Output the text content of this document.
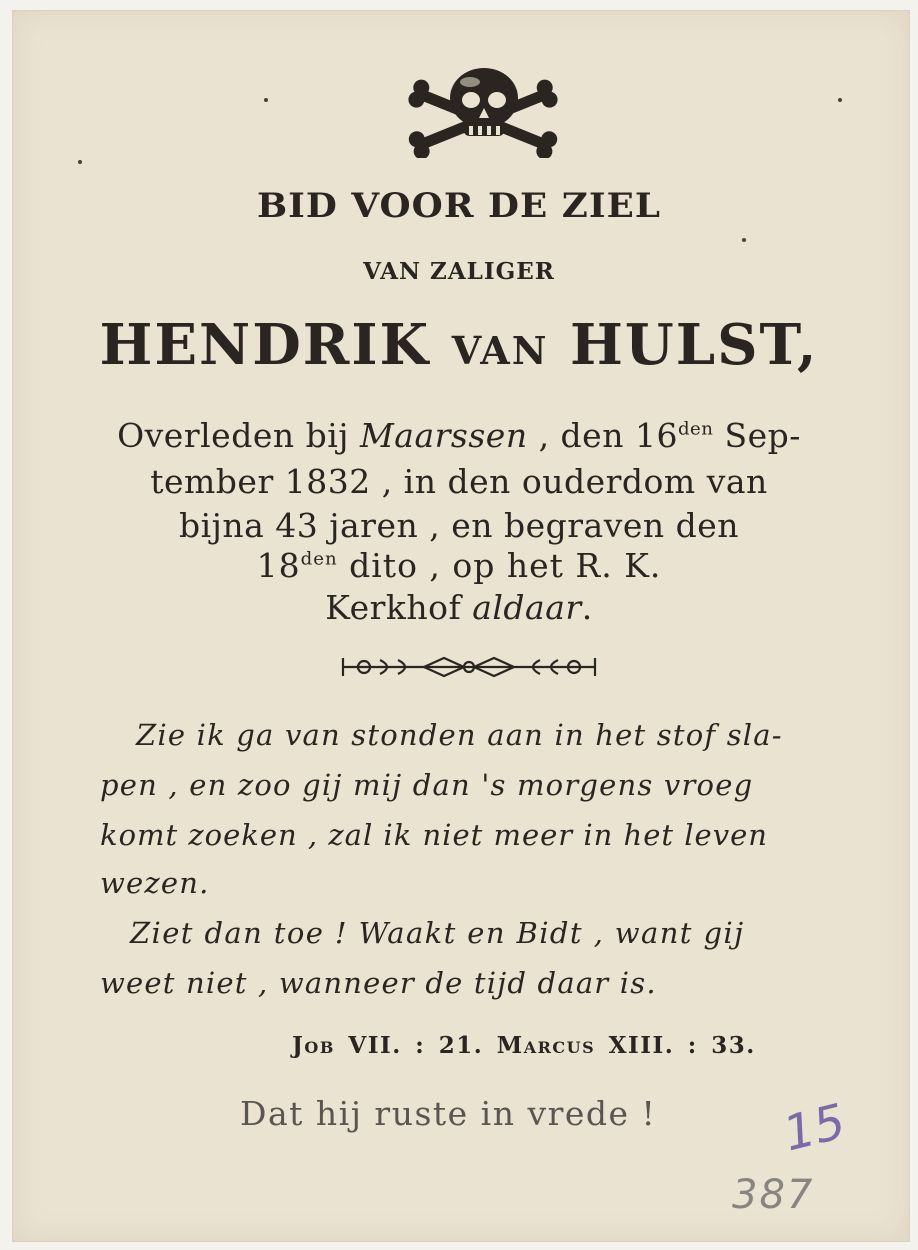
BID VOOR DE ZIEL
VAN ZALIGER
HENDRIK VAN HULST,
Overleden bij Maarssen , den $16^{den}$ Sep-
tember 1832 , in den ouderdom van
bijna 43 jaren , en begraven den
$18^{den}$ dito , op het R. K.
Kerkhof aldaar.
Zie ik ga van stonden aan in het stof sla-
pen , en zoo gij mij dan 's morgens vroeg
komt zoeken , zal ik niet meer in het leven
wezen.
Ziet dan toe ! Waakt en Bidt , want gij
weet niet , wanneer de tijd daar is.
Job VII. : 21. Marcus XIII. : 33.
Dat hij ruste in vrede !	15
387
